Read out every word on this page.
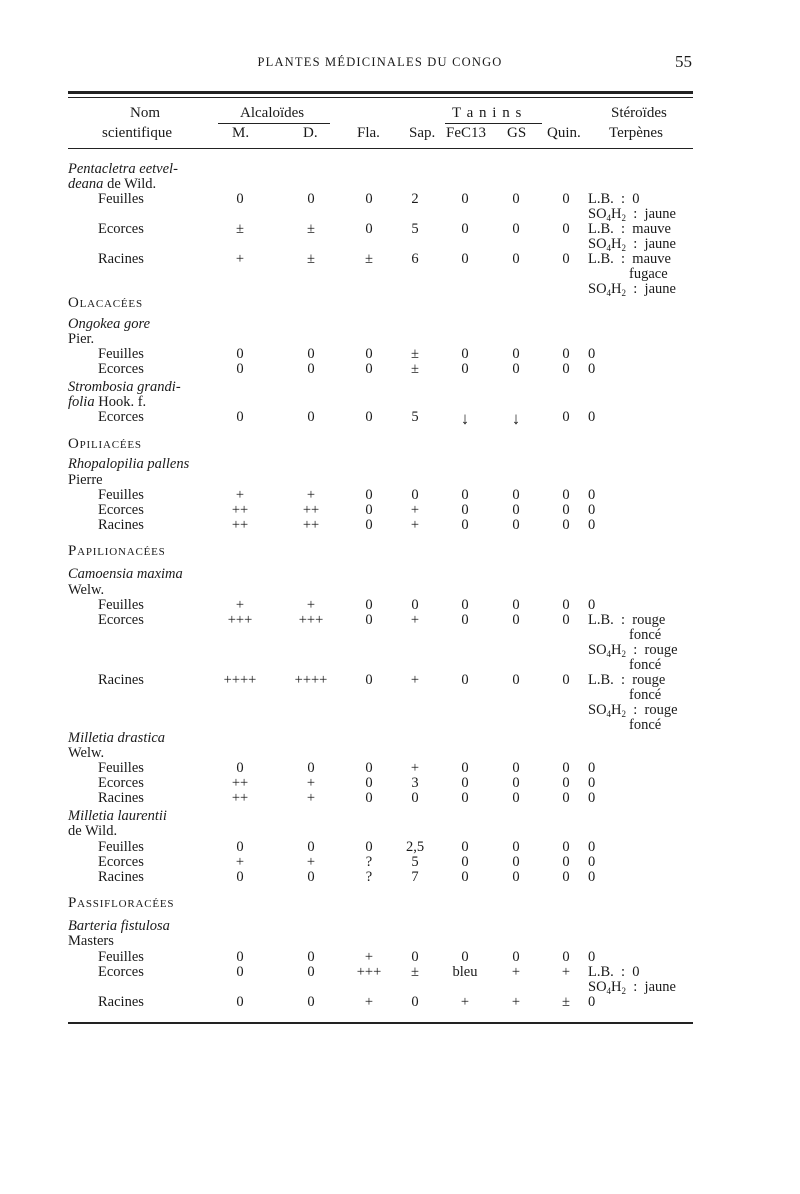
PLANTES MÉDICINALES DU CONGO	55
Nom
scientifique
Alcaloïdes
M.	D.	Fla. Sap.
T a n i n s
FeC13 GS Quin.
Stéroïdes
Terpènes
Pentacletra eetvel-
deana de Wild.
Feuilles	0	0	0	2	0	0	0	L.B.  :  0
$SO_4H_2$  :  jaune
Ecorces	±	±	0	5	0	0	0	L.B.  :  mauve
$SO_4H_2$  :  jaune
Racines	+	±	±	6	0	0	0	L.B.  :  mauve
fugace
$SO_4H_2$  :  jaune
Olacacées
Ongokea gore
Pier.
Feuilles	0	0	0	±	0	0	0	0
Ecorces	0	0	0	±	0	0	0	0
Strombosia grandi-
folia Hook. f.
Ecorces	0	0	0	5	↓	↓	0	0
Opiliacées
Rhopalopilia pallens
Pierre
Feuilles	+	+	0	0	0	0	0	0
Ecorces	++	++	0	+	0	0	0	0
Racines	++	++	0	+	0	0	0	0
Papilionacées
Camoensia maxima
Welw.
Feuilles	+	+	0	0	0	0	0	0
Ecorces	+++	+++	0	+	0	0	0	L.B.  :  rouge
foncé
$SO_4H_2$  :  rouge
foncé
Racines	++++	++++	0	+	0	0	0	L.B.  :  rouge
foncé
$SO_4H_2$  :  rouge
foncé
Milletia drastica
Welw.
Feuilles	0	0	0	+	0	0	0	0
Ecorces	++	+	0	3	0	0	0	0
Racines	++	+	0	0	0	0	0	0
Milletia laurentii
de Wild.
Feuilles	0	0	0	2,5	0	0	0	0
Ecorces	+	+	?	5	0	0	0	0
Racines	0	0	?	7	0	0	0	0
Passifloracées
Barteria fistulosa
Masters
Feuilles	0	0	+	0	0	0	0	0
Ecorces	0	0	+++	±	bleu	+	+	L.B.  :  0
$SO_4H_2$  :  jaune
Racines	0	0	+	0	+	+	±	0
